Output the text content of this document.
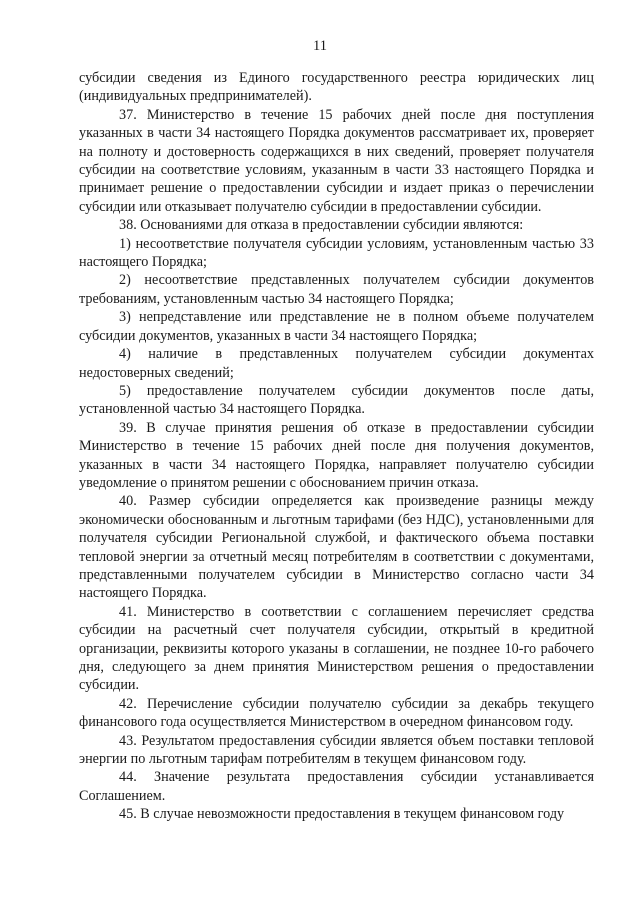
11

субсидии сведения из Единого государственного реестра юридических лиц (индивидуальных предпринимателей).

37. Министерство в течение 15 рабочих дней после дня поступления указанных в части 34 настоящего Порядка документов рассматривает их, проверяет на полноту и достоверность содержащихся в них сведений, проверяет получателя субсидии на соответствие условиям, указанным в части 33 настоящего Порядка и принимает решение о предоставлении субсидии и издает приказ о перечислении субсидии или отказывает получателю субсидии в предоставлении субсидии.

38. Основаниями для отказа в предоставлении субсидии являются:

1) несоответствие получателя субсидии условиям, установленным частью 33 настоящего Порядка;

2) несоответствие представленных получателем субсидии документов требованиям, установленным частью 34 настоящего Порядка;

3) непредставление или представление не в полном объеме получателем субсидии документов, указанных в части 34 настоящего Порядка;

4) наличие в представленных получателем субсидии документах недостоверных сведений;

5) предоставление получателем субсидии документов после даты, установленной частью 34 настоящего Порядка.

39. В случае принятия решения об отказе в предоставлении субсидии Министерство в течение 15 рабочих дней после дня получения документов, указанных в части 34 настоящего Порядка, направляет получателю субсидии уведомление о принятом решении с обоснованием причин отказа.

40. Размер субсидии определяется как произведение разницы между экономически обоснованным и льготным тарифами (без НДС), установленными для получателя субсидии Региональной службой, и фактического объема поставки тепловой энергии за отчетный месяц потребителям в соответствии с документами, представленными получателем субсидии в Министерство согласно части 34 настоящего Порядка.

41. Министерство в соответствии с соглашением перечисляет средства субсидии на расчетный счет получателя субсидии, открытый в кредитной организации, реквизиты которого указаны в соглашении, не позднее 10-го рабочего дня, следующего за днем принятия Министерством решения о предоставлении субсидии.

42. Перечисление субсидии получателю субсидии за декабрь текущего финансового года осуществляется Министерством в очередном финансовом году.

43. Результатом предоставления субсидии является объем поставки тепловой энергии по льготным тарифам потребителям в текущем финансовом году.

44. Значение результата предоставления субсидии устанавливается Соглашением.

45. В случае невозможности предоставления в текущем финансовом году
